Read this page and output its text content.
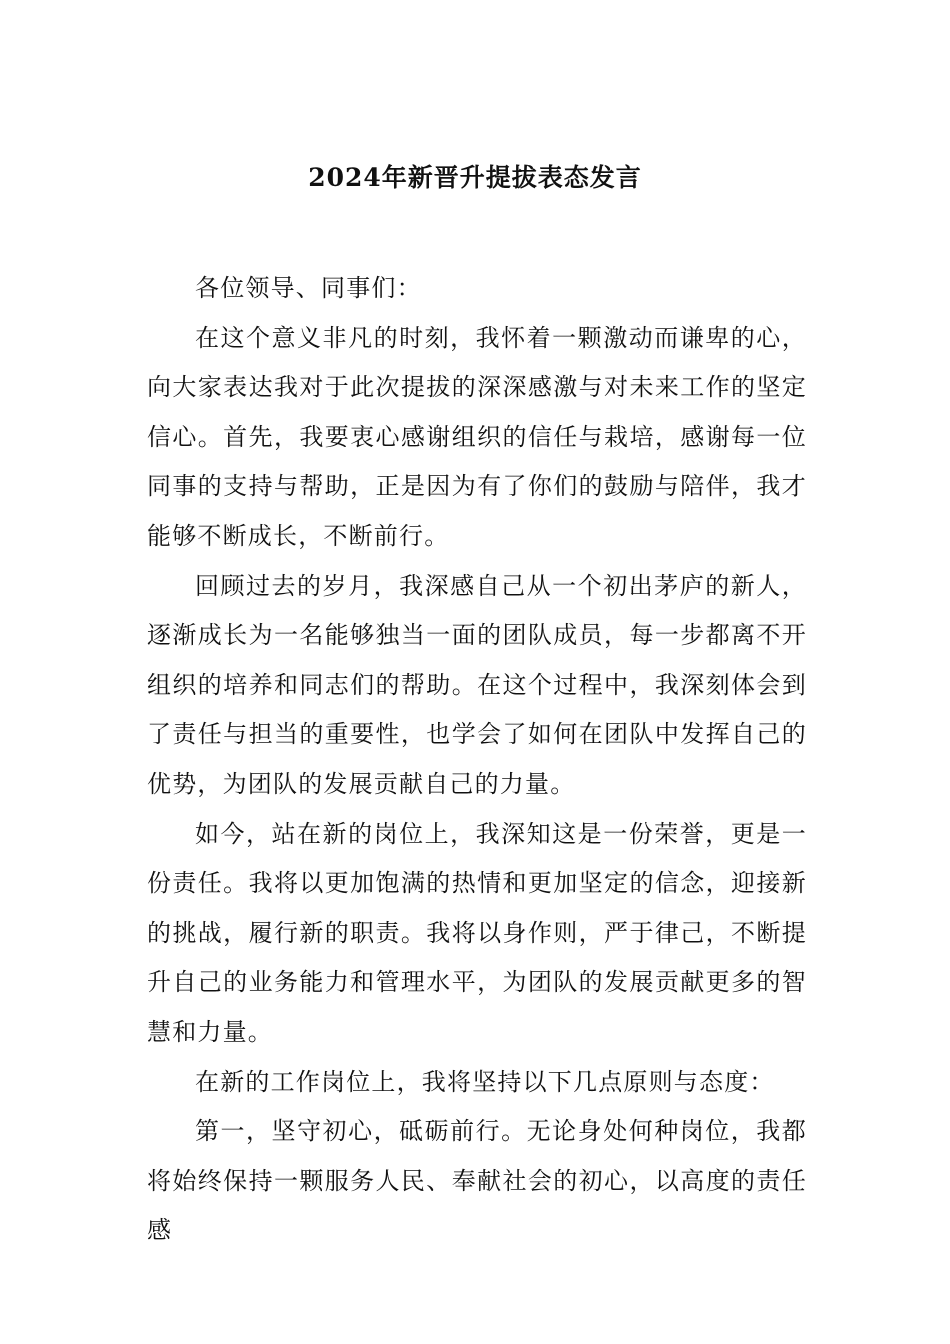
2024年新晋升提拔表态发言

各位领导、同事们：

在这个意义非凡的时刻，我怀着一颗激动而谦卑的心，向大家表达我对于此次提拔的深深感激与对未来工作的坚定信心。首先，我要衷心感谢组织的信任与栽培，感谢每一位同事的支持与帮助，正是因为有了你们的鼓励与陪伴，我才能够不断成长，不断前行。

回顾过去的岁月，我深感自己从一个初出茅庐的新人，逐渐成长为一名能够独当一面的团队成员，每一步都离不开组织的培养和同志们的帮助。在这个过程中，我深刻体会到了责任与担当的重要性，也学会了如何在团队中发挥自己的优势，为团队的发展贡献自己的力量。

如今，站在新的岗位上，我深知这是一份荣誉，更是一份责任。我将以更加饱满的热情和更加坚定的信念，迎接新的挑战，履行新的职责。我将以身作则，严于律己，不断提升自己的业务能力和管理水平，为团队的发展贡献更多的智慧和力量。

在新的工作岗位上，我将坚持以下几点原则与态度：

第一，坚守初心，砥砺前行。无论身处何种岗位，我都将始终保持一颗服务人民、奉献社会的初心，以高度的责任感
